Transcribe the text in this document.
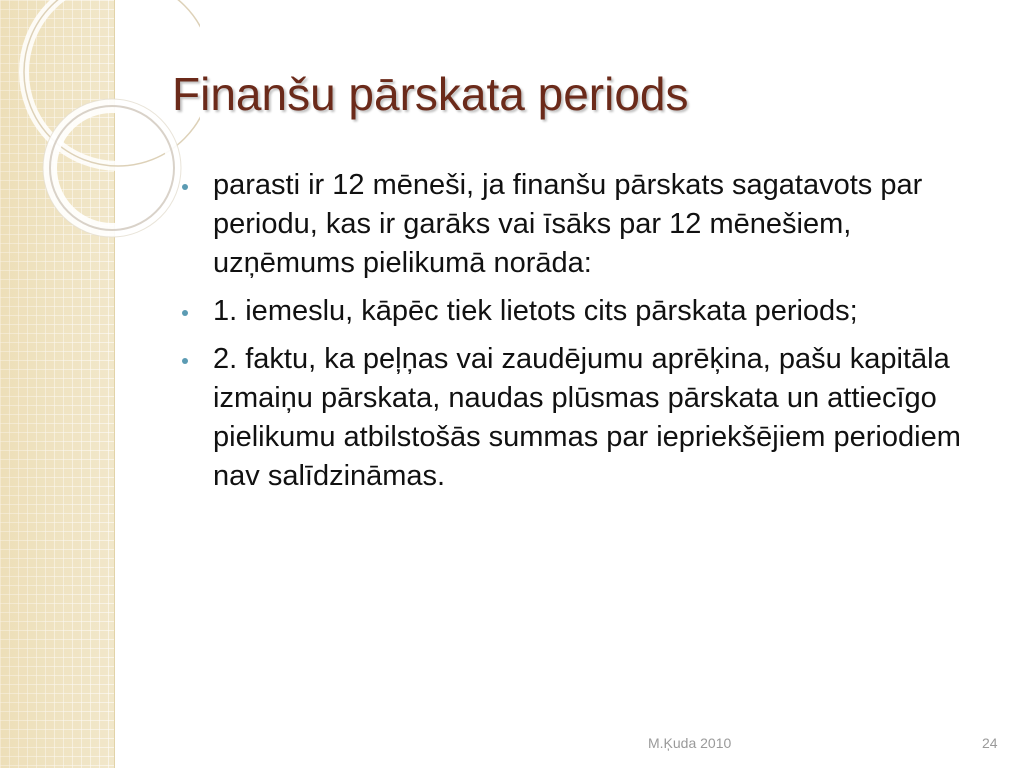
Finanšu pārskata periods
parasti ir 12 mēneši, ja finanšu pārskats sagatavots par periodu, kas ir garāks vai īsāks par 12 mēnešiem, uzņēmums pielikumā norāda:
1. iemeslu, kāpēc tiek lietots cits pārskata periods;
2. faktu, ka peļņas vai zaudējumu aprēķina, pašu kapitāla izmaiņu pārskata, naudas plūsmas pārskata un attiecīgo pielikumu atbilstošās summas par iepriekšējiem periodiem nav salīdzināmas.
M.Ķuda 2010	24
